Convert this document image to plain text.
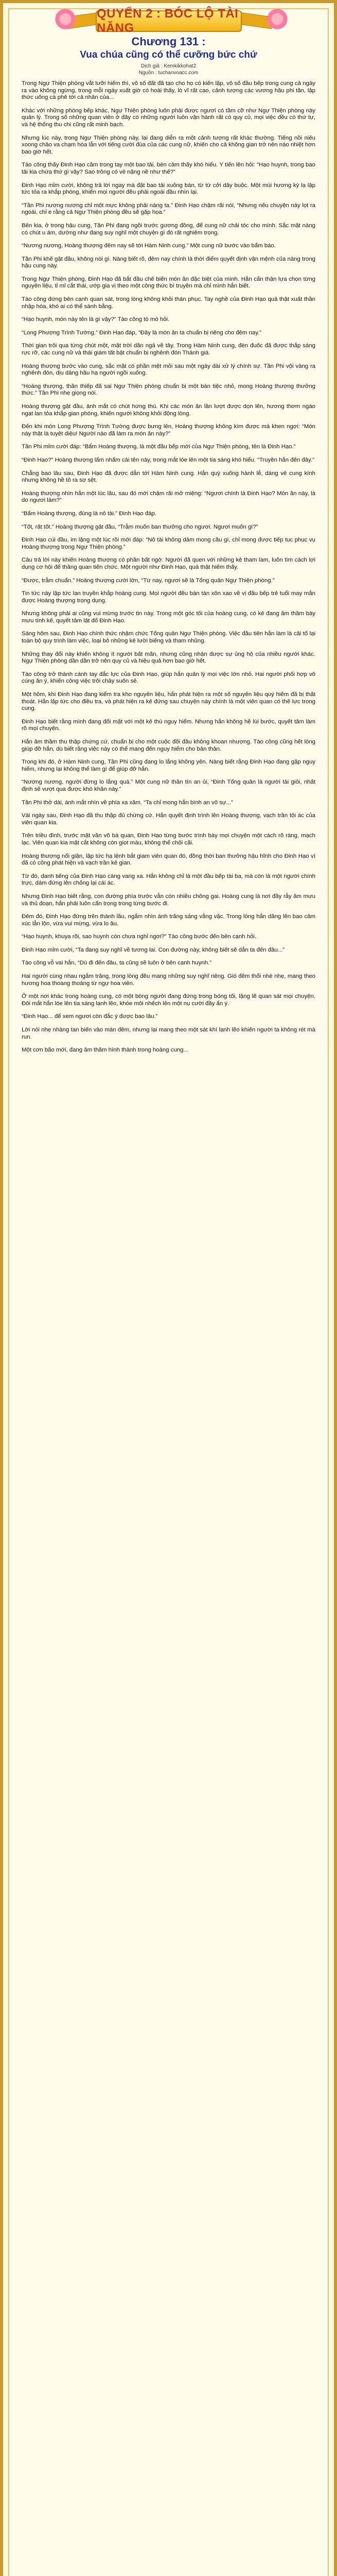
QUYỂN 2 : BÓC LỘ TÀI NĂNG

Chương 131 :

Vua chúa cũng có thể cưỡng bức chứ

Dịch giả : Kemkikkohat2

Nguồn : tuchanvoacc.com

Trong Ngự Thiện phòng vắt lưỡi hiếm thì, vô số đất đã tạo cho họ có kiến lập, vô số đầu bếp trong cung cả ngày ra vào không ngừng, trong mỗi ngày xuất giờ có hoài thấy, lò vĩ rất cao, cảnh tượng các vương hầu phi tần, lập thức uống cà phê tới cả nhân của...

Khác với những phòng bếp khác, Ngự Thiện phòng luôn phải được ngươi có tầm cỡ như Ngự Thiện phòng này quản lý. Trong số những quan viên ở đây có những người luôn vận hành rất có quy củ, mọi việc đều có thứ tự, và hệ thống thu chi cũng rất minh bạch.

Nhưng lúc này, trong Ngự Thiện phòng này, lại đang diễn ra một cảnh tượng rất khác thường. Tiếng nồi niêu xoong chảo va chạm hòa lẫn với tiếng cười đùa của các cung nữ, khiến cho cả không gian trở nên náo nhiệt hơn bao giờ hết.

Tào công thấy Đinh Hạo cầm trong tay một bao tải, bèn cảm thấy khó hiểu. Y tiến lên hỏi: “Hạo huynh, trong bao tải kia chứa thứ gì vậy? Sao trông có vẻ nặng nề như thế?”

Đinh Hạo mỉm cười, không trả lời ngay mà đặt bao tải xuống bàn, từ từ cởi dây buộc. Một mùi hương kỳ lạ lập tức tỏa ra khắp phòng, khiến mọi người đều phải ngoái đầu nhìn lại.

“Tần Phi nương nương chỉ một mực không phải nàng ta.” Đinh Hạo chậm rãi nói, “Nhưng nếu chuyện này lọt ra ngoài, chỉ e rằng cả Ngự Thiện phòng đều sẽ gặp họa.”

Bên kia, ở trong hậu cung, Tần Phi đang ngồi trước gương đồng, để cung nữ chải tóc cho mình. Sắc mặt nàng có chút u ám, dường như đang suy nghĩ một chuyện gì đó rất nghiêm trọng.

“Nương nương, Hoàng thượng đêm nay sẽ tới Hàm Ninh cung.” Một cung nữ bước vào bẩm báo.

Tần Phi khẽ gật đầu, không nói gì. Nàng biết rõ, đêm nay chính là thời điểm quyết định vận mệnh của nàng trong hậu cung này.

Trong Ngự Thiện phòng, Đinh Hạo đã bắt đầu chế biến món ăn đặc biệt của mình. Hắn cẩn thận lựa chọn từng nguyên liệu, tỉ mỉ cắt thái, ướp gia vị theo một công thức bí truyền mà chỉ mình hắn biết.

Tào công đứng bên cạnh quan sát, trong lòng không khỏi thán phục. Tay nghề của Đinh Hạo quả thật xuất thần nhập hóa, khó ai có thể sánh bằng.

“Hạo huynh, món này tên là gì vậy?” Tào công tò mò hỏi.

“Long Phượng Trình Tường.” Đinh Hạo đáp, “Đây là món ăn ta chuẩn bị riêng cho đêm nay.”

Thời gian trôi qua từng chút một, mặt trời dần ngả về tây. Trong Hàm Ninh cung, đèn đuốc đã được thắp sáng rực rỡ, các cung nữ và thái giám tất bật chuẩn bị nghênh đón Thánh giá.

Hoàng thượng bước vào cung, sắc mặt có phần mệt mỏi sau một ngày dài xử lý chính sự. Tần Phi vội vàng ra nghênh đón, dịu dàng hầu hạ người ngồi xuống.

“Hoàng thượng, thần thiếp đã sai Ngự Thiện phòng chuẩn bị một bàn tiệc nhỏ, mong Hoàng thượng thưởng thức.” Tần Phi nhẹ giọng nói.

Hoàng thượng gật đầu, ánh mắt có chút hứng thú. Khi các món ăn lần lượt được dọn lên, hương thơm ngào ngạt lan tỏa khắp gian phòng, khiến người không khỏi động lòng.

Đến khi món Long Phượng Trình Tường được bưng lên, Hoàng thượng không kìm được mà khen ngợi: “Món này thật là tuyệt diệu! Người nào đã làm ra món ăn này?”

Tần Phi mỉm cười đáp: “Bẩm Hoàng thượng, là một đầu bếp mới của Ngự Thiện phòng, tên là Đinh Hạo.”

“Đinh Hạo?” Hoàng thượng lẩm nhẩm cái tên này, trong mắt lóe lên một tia sáng khó hiểu. “Truyền hắn đến đây.”

Chẳng bao lâu sau, Đinh Hạo đã được dẫn tới Hàm Ninh cung. Hắn quỳ xuống hành lễ, dáng vẻ cung kính nhưng không hề tỏ ra sợ sệt.

Hoàng thượng nhìn hắn một lúc lâu, sau đó mới chậm rãi mở miệng: “Ngươi chính là Đinh Hạo? Món ăn này, là do ngươi làm?”

“Bẩm Hoàng thượng, đúng là nô tài.” Đinh Hạo đáp.

“Tốt, rất tốt.” Hoàng thượng gật đầu, “Trẫm muốn ban thưởng cho ngươi. Ngươi muốn gì?”

Đinh Hạo cúi đầu, im lặng một lúc rồi mới đáp: “Nô tài không dám mong cầu gì, chỉ mong được tiếp tục phục vụ Hoàng thượng trong Ngự Thiện phòng.”

Câu trả lời này khiến Hoàng thượng có phần bất ngờ. Người đã quen với những kẻ tham lam, luôn tìm cách lợi dụng cơ hội để thăng quan tiến chức. Một người như Đinh Hạo, quả thật hiếm thấy.

“Được, trẫm chuẩn.” Hoàng thượng cười lớn, “Từ nay, ngươi sẽ là Tổng quản Ngự Thiện phòng.”

Tin tức này lập tức lan truyền khắp hoàng cung. Mọi người đều bàn tán xôn xao về vị đầu bếp trẻ tuổi may mắn được Hoàng thượng trọng dụng.

Nhưng không phải ai cũng vui mừng trước tin này. Trong một góc tối của hoàng cung, có kẻ đang âm thầm bày mưu tính kế, quyết tâm lật đổ Đinh Hạo.

Sáng hôm sau, Đinh Hạo chính thức nhậm chức Tổng quản Ngự Thiện phòng. Việc đầu tiên hắn làm là cải tổ lại toàn bộ quy trình làm việc, loại bỏ những kẻ lười biếng và tham nhũng.

Những thay đổi này khiến không ít người bất mãn, nhưng cũng nhận được sự ủng hộ của nhiều người khác. Ngự Thiện phòng dần dần trở nên quy củ và hiệu quả hơn bao giờ hết.

Tào công trở thành cánh tay đắc lực của Đinh Hạo, giúp hắn quản lý mọi việc lớn nhỏ. Hai người phối hợp vô cùng ăn ý, khiến công việc trôi chảy suôn sẻ.

Một hôm, khi Đinh Hạo đang kiểm tra kho nguyên liệu, hắn phát hiện ra một số nguyên liệu quý hiếm đã bị thất thoát. Hắn lập tức cho điều tra, và phát hiện ra kẻ đứng sau chuyện này chính là một viên quan có thế lực trong cung.

Đinh Hạo biết rằng mình đang đối mặt với một kẻ thù nguy hiểm. Nhưng hắn không hề lùi bước, quyết tâm làm rõ mọi chuyện.

Hắn âm thầm thu thập chứng cứ, chuẩn bị cho một cuộc đối đầu không khoan nhượng. Tào công cũng hết lòng giúp đỡ hắn, dù biết rằng việc này có thể mang đến nguy hiểm cho bản thân.

Trong khi đó, ở Hàm Ninh cung, Tần Phi cũng đang lo lắng không yên. Nàng biết rằng Đinh Hạo đang gặp nguy hiểm, nhưng lại không thể làm gì để giúp đỡ hắn.

“Nương nương, người đừng lo lắng quá.” Một cung nữ thân tín an ủi, “Đinh Tổng quản là người tài giỏi, nhất định sẽ vượt qua được khó khăn này.”

Tần Phi thở dài, ánh mắt nhìn về phía xa xăm. “Ta chỉ mong hắn bình an vô sự...”

Vài ngày sau, Đinh Hạo đã thu thập đủ chứng cứ. Hắn quyết định trình lên Hoàng thượng, vạch trần tội ác của viên quan kia.

Trên triều đình, trước mặt văn võ bá quan, Đinh Hạo từng bước trình bày mọi chuyện một cách rõ ràng, mạch lạc. Viên quan kia mặt cắt không còn giọt máu, không thể chối cãi.

Hoàng thượng nổi giận, lập tức hạ lệnh bắt giam viên quan đó, đồng thời ban thưởng hậu hĩnh cho Đinh Hạo vì đã có công phát hiện và vạch trần kẻ gian.

Từ đó, danh tiếng của Đinh Hạo càng vang xa. Hắn không chỉ là một đầu bếp tài ba, mà còn là một người chính trực, dám đứng lên chống lại cái ác.

Nhưng Đinh Hạo biết rằng, con đường phía trước vẫn còn nhiều chông gai. Hoàng cung là nơi đầy rẫy âm mưu và thủ đoạn, hắn phải luôn cẩn trọng trong từng bước đi.

Đêm đó, Đinh Hạo đứng trên thành lầu, ngắm nhìn ánh trăng sáng vằng vặc. Trong lòng hắn dâng lên bao cảm xúc lẫn lộn, vừa vui mừng, vừa lo âu.

“Hạo huynh, khuya rồi, sao huynh còn chưa nghỉ ngơi?” Tào công bước đến bên cạnh hỏi.

Đinh Hạo mỉm cười, “Ta đang suy nghĩ về tương lai. Con đường này, không biết sẽ dẫn ta đến đâu...”

Tào công vỗ vai hắn, “Dù đi đến đâu, ta cũng sẽ luôn ở bên cạnh huynh.”

Hai người cùng nhau ngắm trăng, trong lòng đều mang những suy nghĩ riêng. Gió đêm thổi nhè nhẹ, mang theo hương hoa thoang thoảng từ ngự hoa viên.

Ở một nơi khác trong hoàng cung, có một bóng người đang đứng trong bóng tối, lặng lẽ quan sát mọi chuyện. Đôi mắt hắn lóe lên tia sáng lạnh lẽo, khóe môi nhếch lên một nụ cười đầy ẩn ý.

“Đinh Hạo... để xem ngươi còn đắc ý được bao lâu.”

Lời nói nhẹ nhàng tan biến vào màn đêm, nhưng lại mang theo một sát khí lạnh lẽo khiến người ta không rét mà run.

Một cơn bão mới, đang âm thầm hình thành trong hoàng cung...
